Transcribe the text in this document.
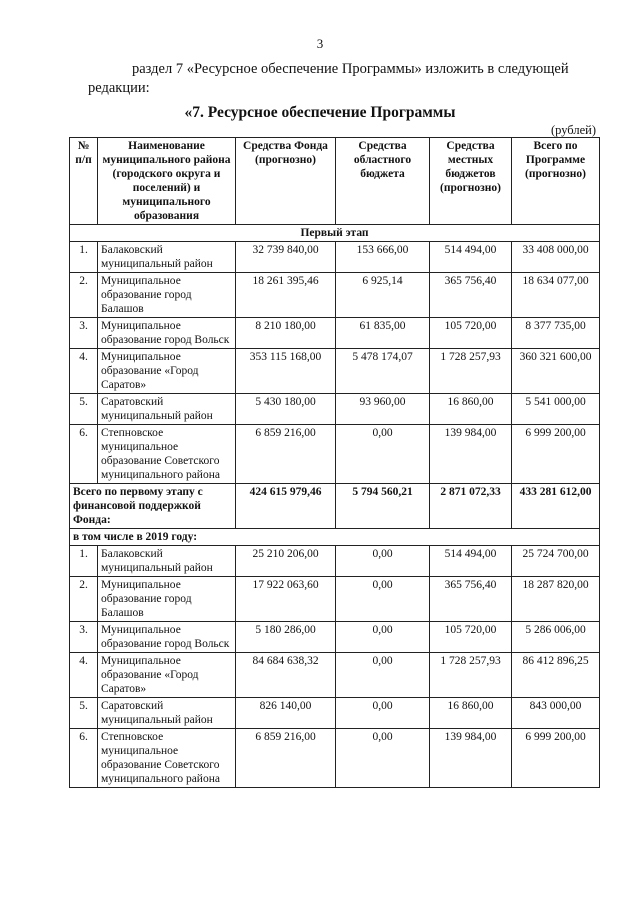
3
раздел 7 «Ресурсное обеспечение Программы» изложить в следующей
редакции:
«7. Ресурсное обеспечение Программы
(рублей)
№ п/п	Наименование муниципального района (городского округа и поселений) и муниципального образования	Средства Фонда (прогнозно)	Средства областного бюджета	Средства местных бюджетов (прогнозно)	Всего по Программе (прогнозно)
Первый этап					
1.	Балаковский муниципальный район	32 739 840,00	153 666,00	514 494,00	33 408 000,00
2.	Муниципальное образование город Балашов	18 261 395,46	6 925,14	365 756,40	18 634 077,00
3.	Муниципальное образование город Вольск	8 210 180,00	61 835,00	105 720,00	8 377 735,00
4.	Муниципальное образование «Город Саратов»	353 115 168,00	5 478 174,07	1 728 257,93	360 321 600,00
5.	Саратовский муниципальный район	5 430 180,00	93 960,00	16 860,00	5 541 000,00
6.	Степновское муниципальное образование Советского муниципального района	6 859 216,00	0,00	139 984,00	6 999 200,00
Всего по первому этапу с финансовой поддержкой Фонда:		424 615 979,46	5 794 560,21	2 871 072,33	433 281 612,00
в том числе в 2019 году:					
1.	Балаковский муниципальный район	25 210 206,00	0,00	514 494,00	25 724 700,00
2.	Муниципальное образование город Балашов	17 922 063,60	0,00	365 756,40	18 287 820,00
3.	Муниципальное образование город Вольск	5 180 286,00	0,00	105 720,00	5 286 006,00
4.	Муниципальное образование «Город Саратов»	84 684 638,32	0,00	1 728 257,93	86 412 896,25
5.	Саратовский муниципальный район	826 140,00	0,00	16 860,00	843 000,00
6.	Степновское муниципальное образование Советского муниципального района	6 859 216,00	0,00	139 984,00	6 999 200,00
